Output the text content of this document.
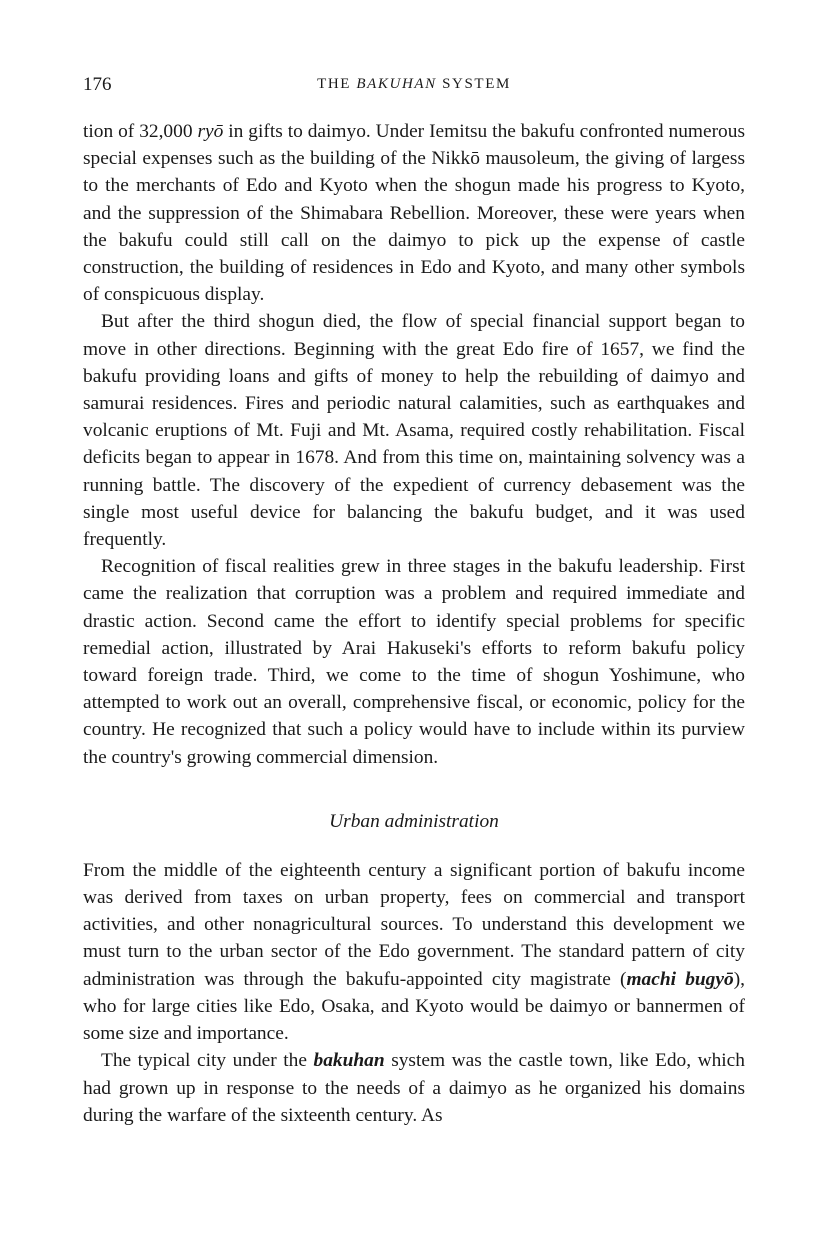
176	THE BAKUHAN SYSTEM

tion of 32,000 ryō in gifts to daimyo. Under Iemitsu the bakufu confronted numerous special expenses such as the building of the Nikkō mausoleum, the giving of largess to the merchants of Edo and Kyoto when the shogun made his progress to Kyoto, and the suppression of the Shimabara Rebellion. Moreover, these were years when the bakufu could still call on the daimyo to pick up the expense of castle construction, the building of residences in Edo and Kyoto, and many other symbols of conspicuous display.

But after the third shogun died, the flow of special financial support began to move in other directions. Beginning with the great Edo fire of 1657, we find the bakufu providing loans and gifts of money to help the rebuilding of daimyo and samurai residences. Fires and periodic natural calamities, such as earthquakes and volcanic eruptions of Mt. Fuji and Mt. Asama, required costly rehabilitation. Fiscal deficits began to appear in 1678. And from this time on, maintaining solvency was a running battle. The discovery of the expedient of currency debasement was the single most useful device for balancing the bakufu budget, and it was used frequently.

Recognition of fiscal realities grew in three stages in the bakufu leadership. First came the realization that corruption was a problem and required immediate and drastic action. Second came the effort to identify special problems for specific remedial action, illustrated by Arai Hakuseki's efforts to reform bakufu policy toward foreign trade. Third, we come to the time of shogun Yoshimune, who attempted to work out an overall, comprehensive fiscal, or economic, policy for the country. He recognized that such a policy would have to include within its purview the country's growing commercial dimension.

Urban administration

From the middle of the eighteenth century a significant portion of bakufu income was derived from taxes on urban property, fees on commercial and transport activities, and other nonagricultural sources. To understand this development we must turn to the urban sector of the Edo government. The standard pattern of city administration was through the bakufu-appointed city magistrate (machi bugyō), who for large cities like Edo, Osaka, and Kyoto would be daimyo or bannermen of some size and importance.

The typical city under the bakuhan system was the castle town, like Edo, which had grown up in response to the needs of a daimyo as he organized his domains during the warfare of the sixteenth century. As
